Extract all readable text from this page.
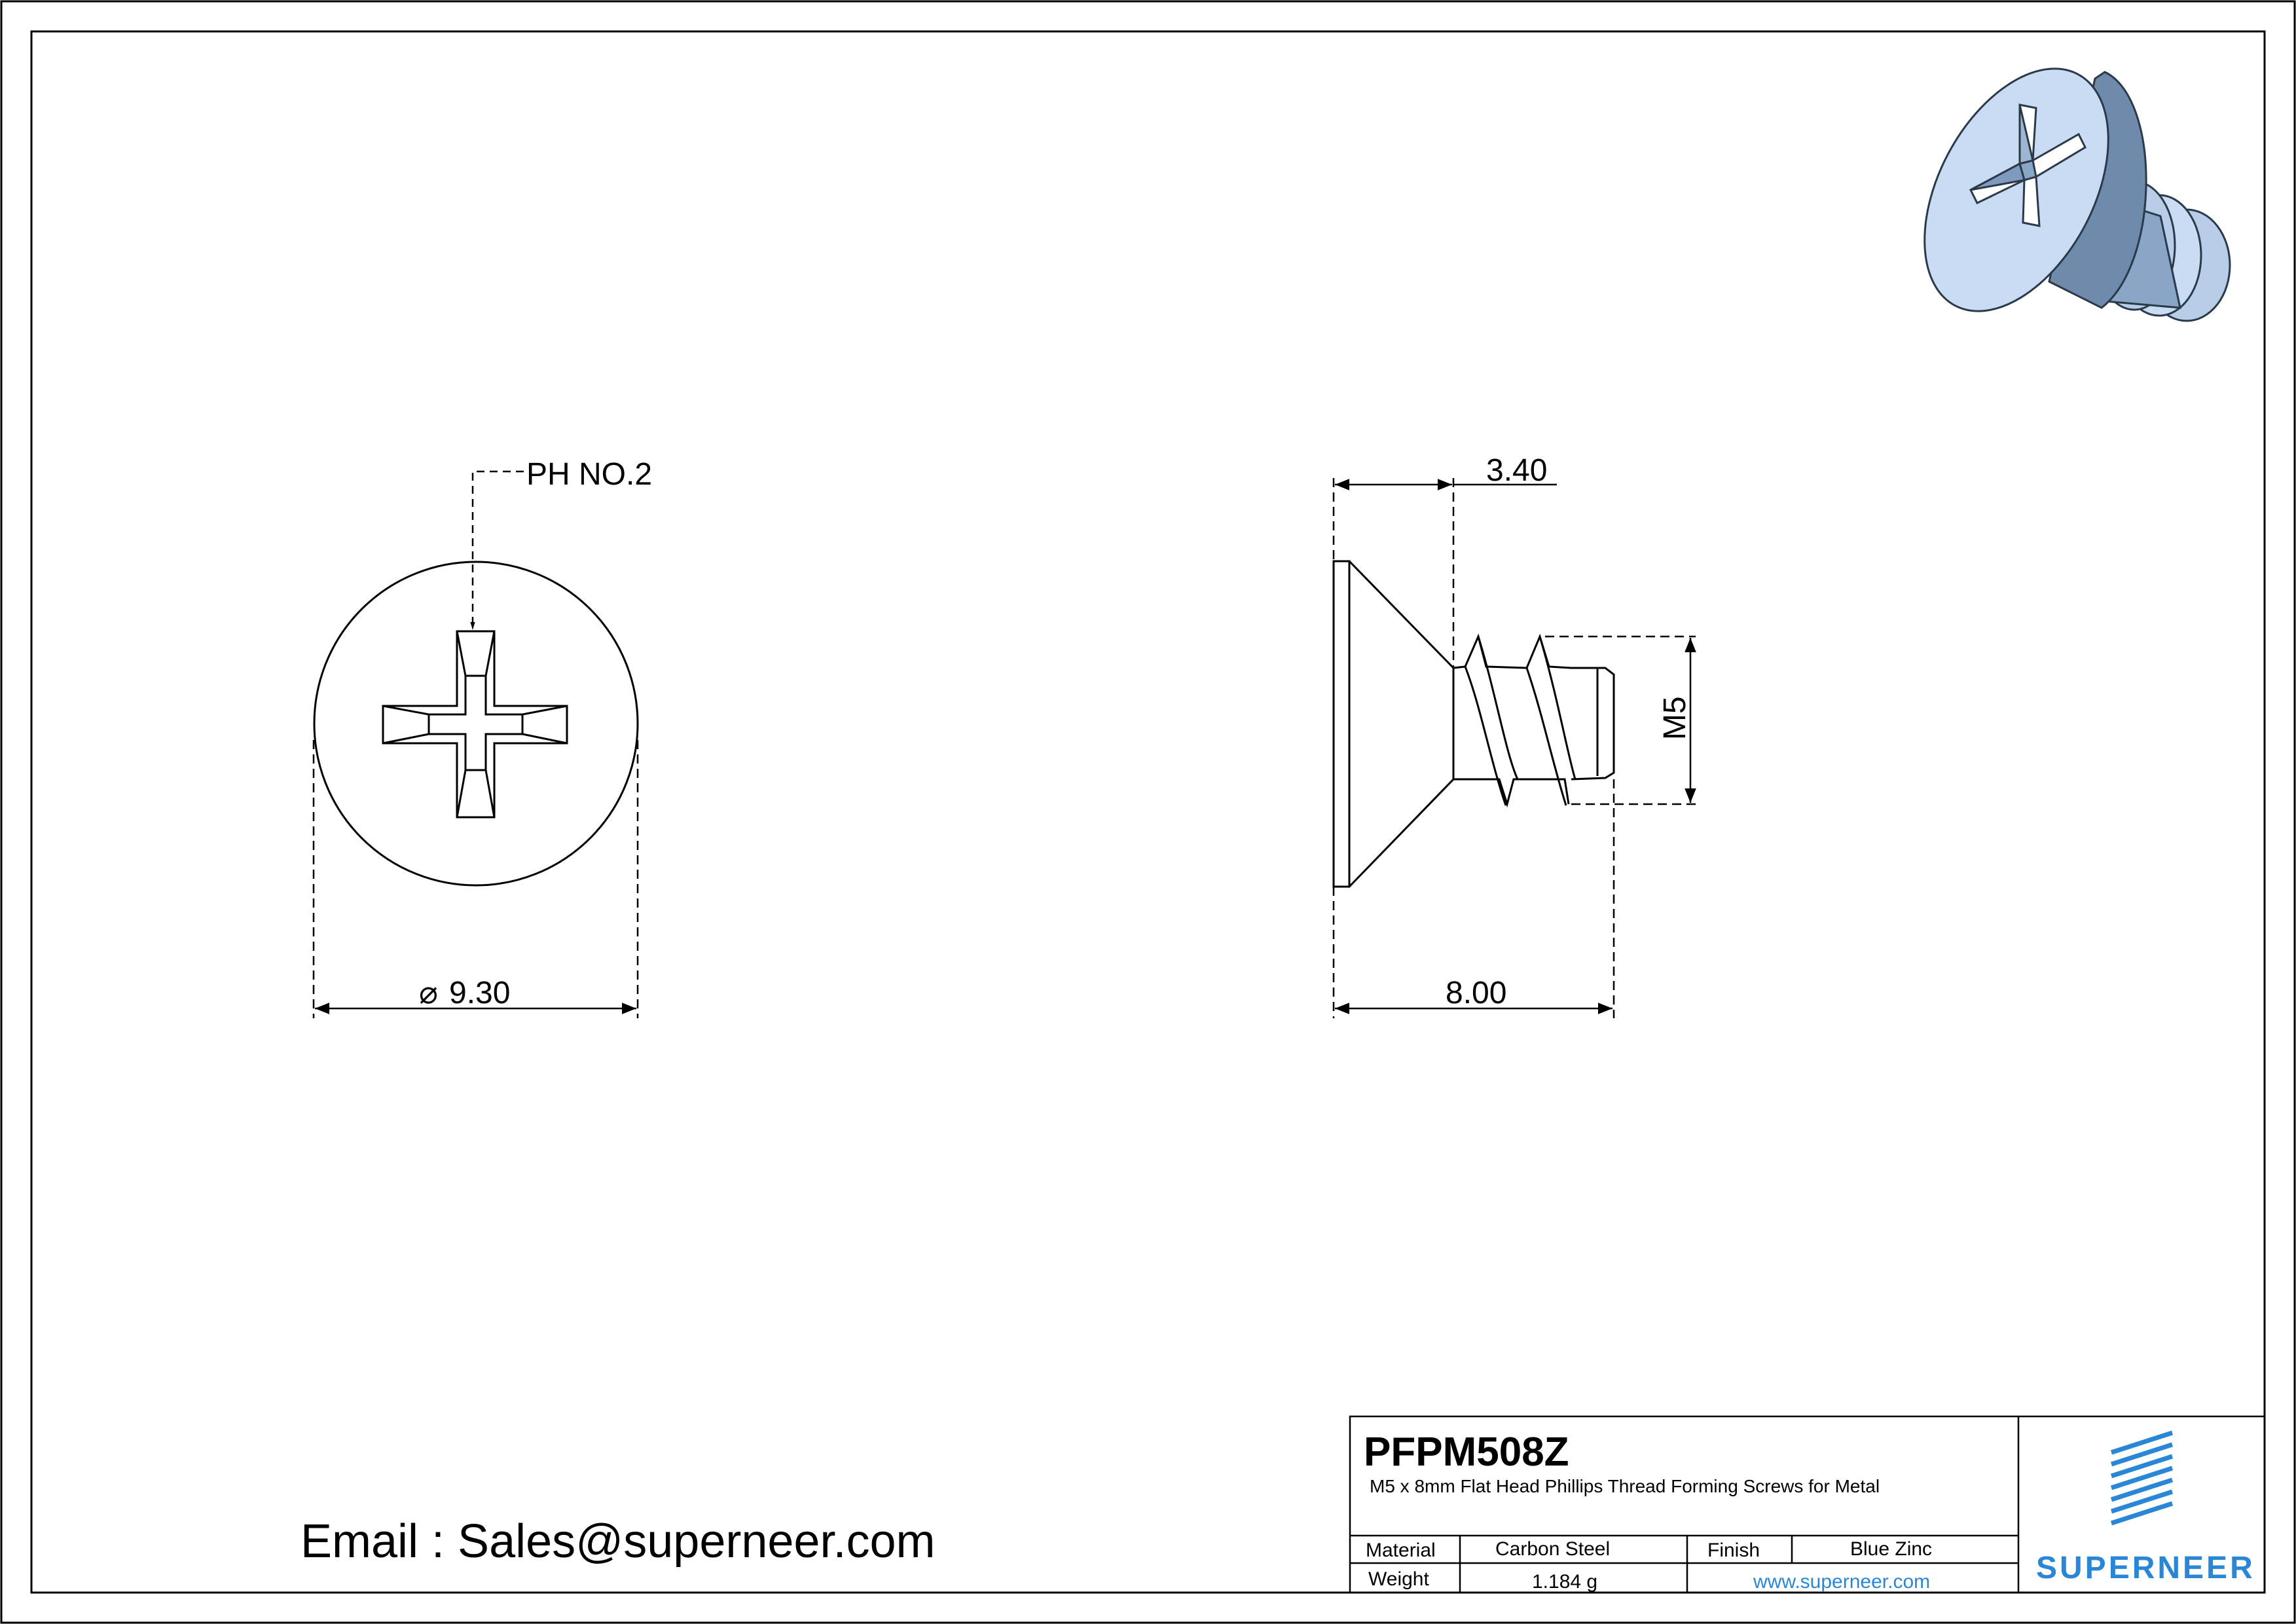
PH NO.2
⌀ 9.30
3.40
8.00
M5
Email : Sales@superneer.com
PFPM508Z
M5 x 8mm Flat Head Phillips Thread Forming Screws for Metal
Material	Carbon Steel	Finish	Blue Zinc
Weight	1.184 g	www.superneer.com	SUPERNEER
